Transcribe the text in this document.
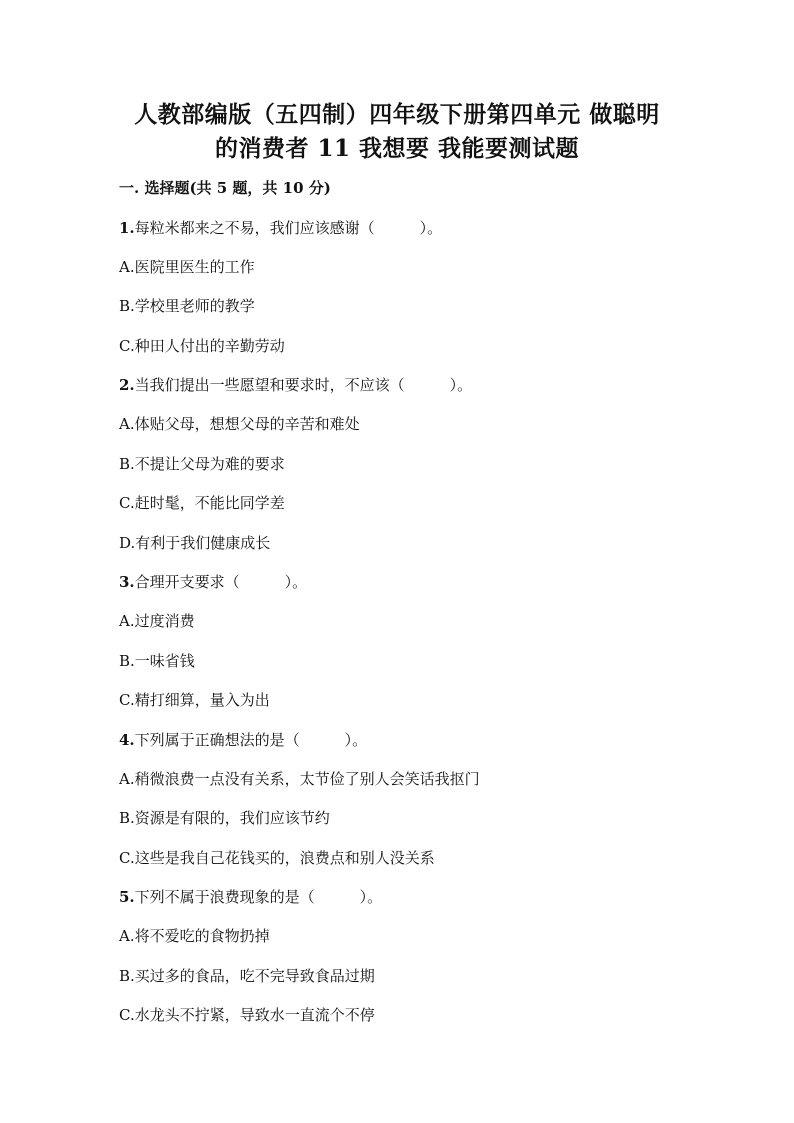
人教部编版（五四制）四年级下册第四单元 做聪明
的消费者 11 我想要 我能要测试题
一. 选择题(共 5 题，共 10 分)
1.每粒米都来之不易，我们应该感谢（　　　）。
A.医院里医生的工作
B.学校里老师的教学
C.种田人付出的辛勤劳动
2.当我们提出一些愿望和要求时，不应该（　　　）。
A.体贴父母，想想父母的辛苦和难处
B.不提让父母为难的要求
C.赶时髦，不能比同学差
D.有利于我们健康成长
3.合理开支要求（　　　）。
A.过度消费
B.一味省钱
C.精打细算，量入为出
4.下列属于正确想法的是（　　　）。
A.稍微浪费一点没有关系，太节俭了别人会笑话我抠门
B.资源是有限的，我们应该节约
C.这些是我自己花钱买的，浪费点和别人没关系
5.下列不属于浪费现象的是（　　　）。
A.将不爱吃的食物扔掉
B.买过多的食品，吃不完导致食品过期
C.水龙头不拧紧，导致水一直流个不停
